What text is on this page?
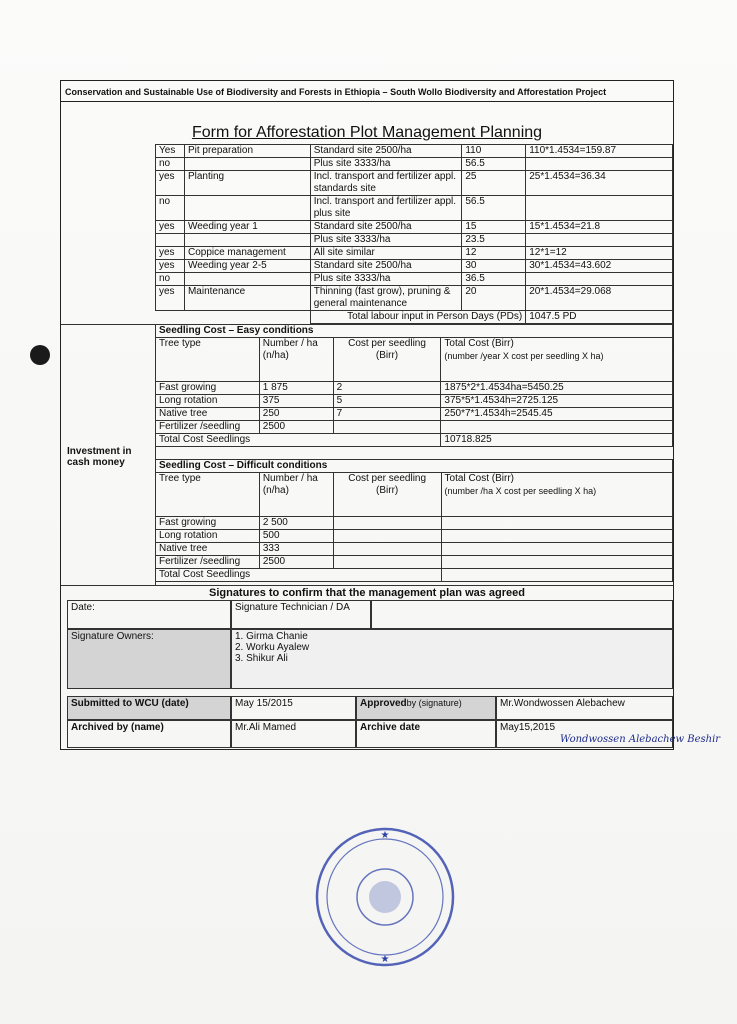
Conservation and Sustainable Use of Biodiversity and Forests in Ethiopia – South Wollo Biodiversity and Afforestation Project
Form for Afforestation Plot Management Planning
Yes	Pit preparation	Standard site 2500/ha	110	110*1.4534=159.87
no		Plus site 3333/ha	56.5	
yes	Planting	Incl. transport and fertilizer appl. standards site	25	25*1.4534=36.34
no		Incl. transport and fertilizer appl. plus site	56.5	
yes	Weeding year 1	Standard site 2500/ha	15	15*1.4534=21.8
		Plus site 3333/ha	23.5	
yes	Coppice management	All site similar	12	12*1=12
yes	Weeding year 2-5	Standard site 2500/ha	30	30*1.4534=43.602
no		Plus site 3333/ha	36.5	
yes	Maintenance	Thinning (fast grow), pruning & general maintenance	20	20*1.4534=29.068
		Total labour input in Person Days (PDs)		1047.5 PD
Investment in cash money
Seedling Cost – Easy conditions			
Tree type	Number / ha (n/ha)	Cost per seedling (Birr)	Total Cost (Birr)
(number /year X cost per seedling X ha)

Fast growing	1 875	2	1875*2*1.4534ha=5450.25
Long rotation	375	5	375*5*1.4534h=2725.125
Native tree	250	7	250*7*1.4534h=2545.45
Fertilizer /seedling	2500		
Total Cost Seedlings			10718.825
Seedling Cost – Difficult conditions			
Tree type	Number / ha (n/ha)	Cost per seedling (Birr)	Total Cost (Birr)
(number /ha X cost per seedling X ha)

Fast growing	2 500		
Long rotation	500		
Native tree	333		
Fertilizer /seedling	2500		
Total Cost Seedlings			
Signatures to confirm that the management plan was agreed
Date:	Signature Technician / DA
Signature Owners:	1. Girma Chanie
2. Worku Ayalew
3. Shikur Ali
Submitted to WCU (date)	May 15/2015	Approvedby (signature)	Mr.Wondwossen Alebachew
Archived by (name)	Mr.Ali Mamed	Archive date	May15,2015
Wondwossen Alebachew Beshir
★
★
